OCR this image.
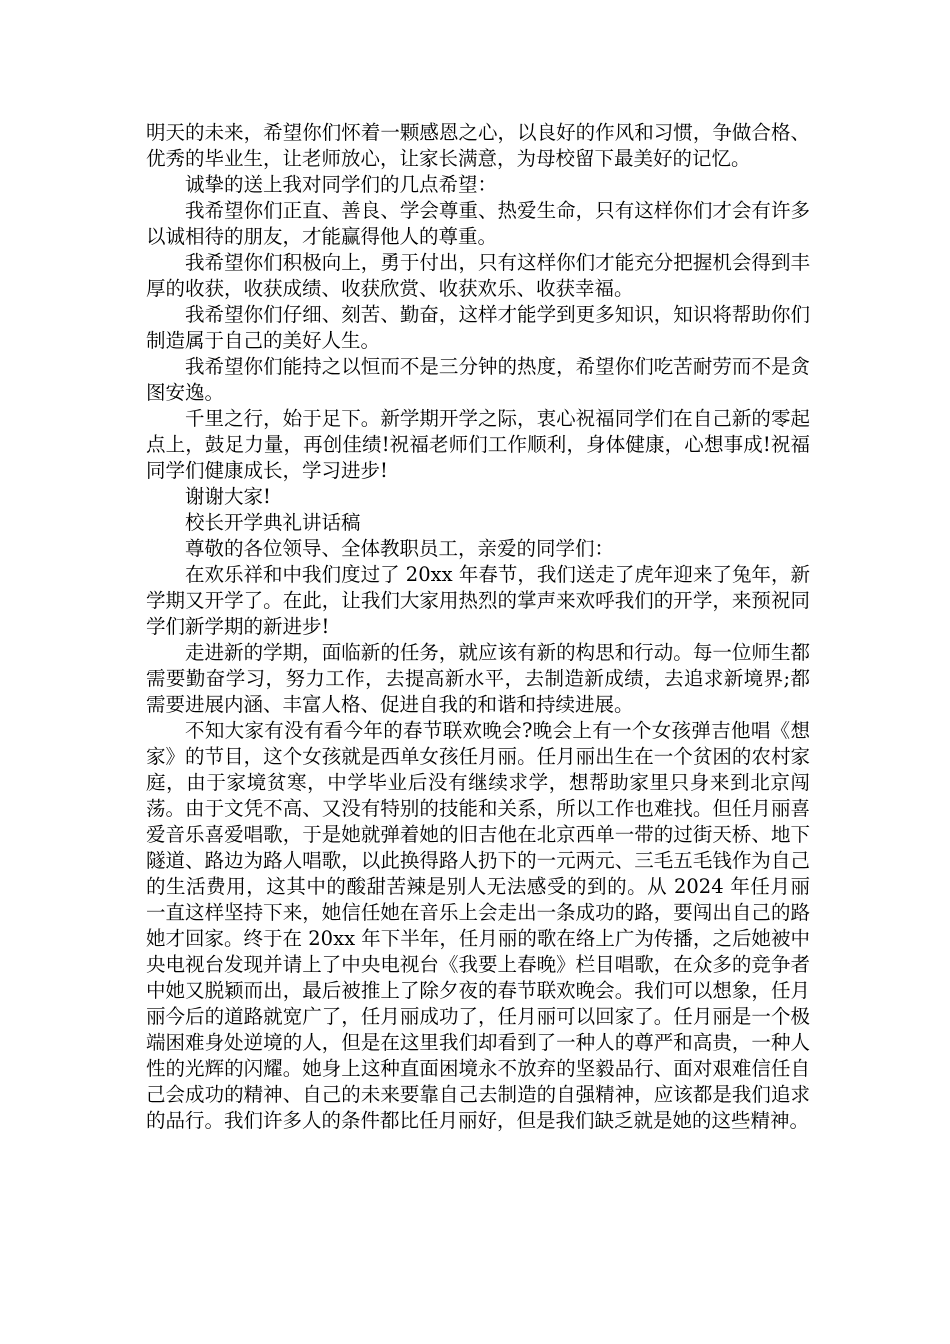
明天的未来，希望你们怀着一颗感恩之心，以良好的作风和习惯，争做合格、优秀的毕业生，让老师放心，让家长满意，为母校留下最美好的记忆。

诚挚的送上我对同学们的几点希望：

我希望你们正直、善良、学会尊重、热爱生命，只有这样你们才会有许多以诚相待的朋友，才能赢得他人的尊重。

我希望你们积极向上，勇于付出，只有这样你们才能充分把握机会得到丰厚的收获，收获成绩、收获欣赏、收获欢乐、收获幸福。

我希望你们仔细、刻苦、勤奋，这样才能学到更多知识，知识将帮助你们制造属于自己的美好人生。

我希望你们能持之以恒而不是三分钟的热度，希望你们吃苦耐劳而不是贪图安逸。

千里之行，始于足下。新学期开学之际，衷心祝福同学们在自己新的零起点上，鼓足力量，再创佳绩!祝福老师们工作顺利，身体健康，心想事成!祝福同学们健康成长，学习进步!

谢谢大家!

校长开学典礼讲话稿

尊敬的各位领导、全体教职员工，亲爱的同学们：

在欢乐祥和中我们度过了 20xx 年春节，我们送走了虎年迎来了兔年，新学期又开学了。在此，让我们大家用热烈的掌声来欢呼我们的开学，来预祝同学们新学期的新进步!

走进新的学期，面临新的任务，就应该有新的构思和行动。每一位师生都需要勤奋学习，努力工作，去提高新水平，去制造新成绩，去追求新境界;都需要进展内涵、丰富人格、促进自我的和谐和持续进展。

不知大家有没有看今年的春节联欢晚会?晚会上有一个女孩弹吉他唱《想家》的节目，这个女孩就是西单女孩任月丽。任月丽出生在一个贫困的农村家庭，由于家境贫寒，中学毕业后没有继续求学，想帮助家里只身来到北京闯荡。由于文凭不高、又没有特别的技能和关系，所以工作也难找。但任月丽喜爱音乐喜爱唱歌，于是她就弹着她的旧吉他在北京西单一带的过街天桥、地下隧道、路边为路人唱歌，以此换得路人扔下的一元两元、三毛五毛钱作为自己的生活费用，这其中的酸甜苦辣是别人无法感受的到的。从 2024 年任月丽一直这样坚持下来，她信任她在音乐上会走出一条成功的路，要闯出自己的路她才回家。终于在 20xx 年下半年，任月丽的歌在络上广为传播，之后她被中央电视台发现并请上了中央电视台《我要上春晚》栏目唱歌，在众多的竞争者中她又脱颖而出，最后被推上了除夕夜的春节联欢晚会。我们可以想象，任月丽今后的道路就宽广了，任月丽成功了，任月丽可以回家了。任月丽是一个极端困难身处逆境的人，但是在这里我们却看到了一种人的尊严和高贵，一种人性的光辉的闪耀。她身上这种直面困境永不放弃的坚毅品行、面对艰难信任自己会成功的精神、自己的未来要靠自己去制造的自强精神，应该都是我们追求的品行。我们许多人的条件都比任月丽好，但是我们缺乏就是她的这些精神。
